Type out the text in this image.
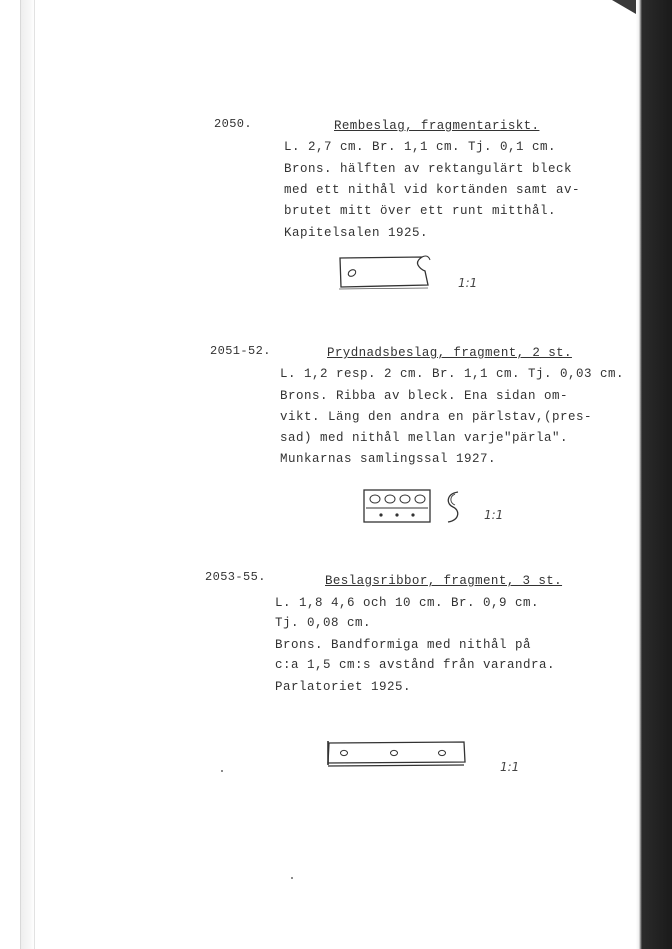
2050.	Rembeslag, fragmentariskt.
L. 2,7 cm. Br. 1,1 cm. Tj. 0,1 cm.
Brons. hälften av rektangulärt bleck
med ett nithål vid kortänden samt av-
brutet mitt över ett runt mitthål.
Kapitelsalen 1925.
1:1
2051-52.	Prydnadsbeslag, fragment, 2 st.
L. 1,2 resp. 2 cm. Br. 1,1 cm. Tj. 0,03 cm.
Brons. Ribba av bleck. Ena sidan om-
vikt. Läng den andra en pärlstav,(pres-
sad) med nithål mellan varje"pärla".
Munkarnas samlingssal 1927.
1:1
2053-55.	Beslagsribbor, fragment, 3 st.
L. 1,8 4,6 och 10 cm. Br. 0,9 cm.
Tj. 0,08 cm.
Brons. Bandformiga med nithål på
c:a 1,5 cm:s avstånd från varandra.
Parlatoriet 1925.
1:1
